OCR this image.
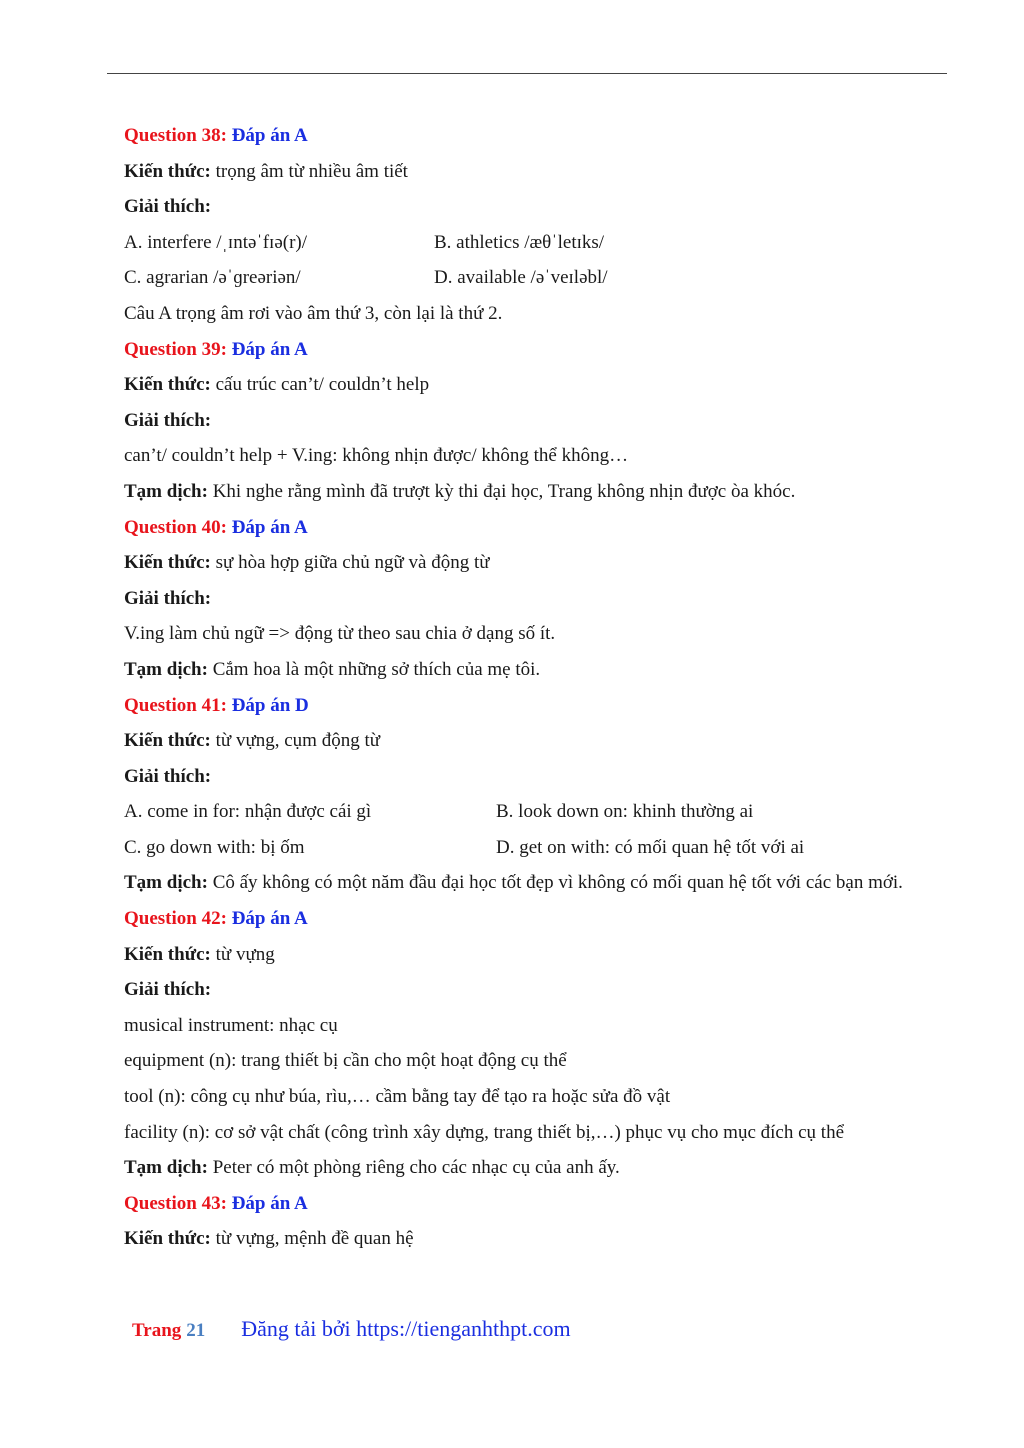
Question 38: Đáp án A
Kiến thức: trọng âm từ nhiều âm tiết
Giải thích:
A. interfere /ˌɪntəˈfɪə(r)/	B. athletics /æθˈletɪks/
C. agrarian /əˈɡreəriən/	D. available /əˈveɪləbl/
Câu A trọng âm rơi vào âm thứ 3, còn lại là thứ 2.
Question 39: Đáp án A
Kiến thức: cấu trúc can’t/ couldn’t help
Giải thích:
can’t/ couldn’t help + V.ing: không nhịn được/ không thể không…
Tạm dịch: Khi nghe rằng mình đã trượt kỳ thi đại học, Trang không nhịn được òa khóc.
Question 40: Đáp án A
Kiến thức: sự hòa hợp giữa chủ ngữ và động từ
Giải thích:
V.ing làm chủ ngữ => động từ theo sau chia ở dạng số ít.
Tạm dịch: Cắm hoa là một những sở thích của mẹ tôi.
Question 41: Đáp án D
Kiến thức: từ vựng, cụm động từ
Giải thích:
A. come in for: nhận được cái gì	B. look down on: khinh thường ai
C. go down with: bị ốm	D. get on with: có mối quan hệ tốt với ai
Tạm dịch: Cô ấy không có một năm đầu đại học tốt đẹp vì không có mối quan hệ tốt với các bạn mới.
Question 42: Đáp án A
Kiến thức: từ vựng
Giải thích:
musical instrument: nhạc cụ
equipment (n): trang thiết bị cần cho một hoạt động cụ thể
tool (n): công cụ như búa, rìu,… cầm bằng tay để tạo ra hoặc sửa đồ vật
facility (n): cơ sở vật chất (công trình xây dựng, trang thiết bị,…) phục vụ cho mục đích cụ thể
Tạm dịch: Peter có một phòng riêng cho các nhạc cụ của anh ấy.
Question 43: Đáp án A
Kiến thức: từ vựng, mệnh đề quan hệ
Trang 21 Đăng tải bởi https://tienganhthpt.com
